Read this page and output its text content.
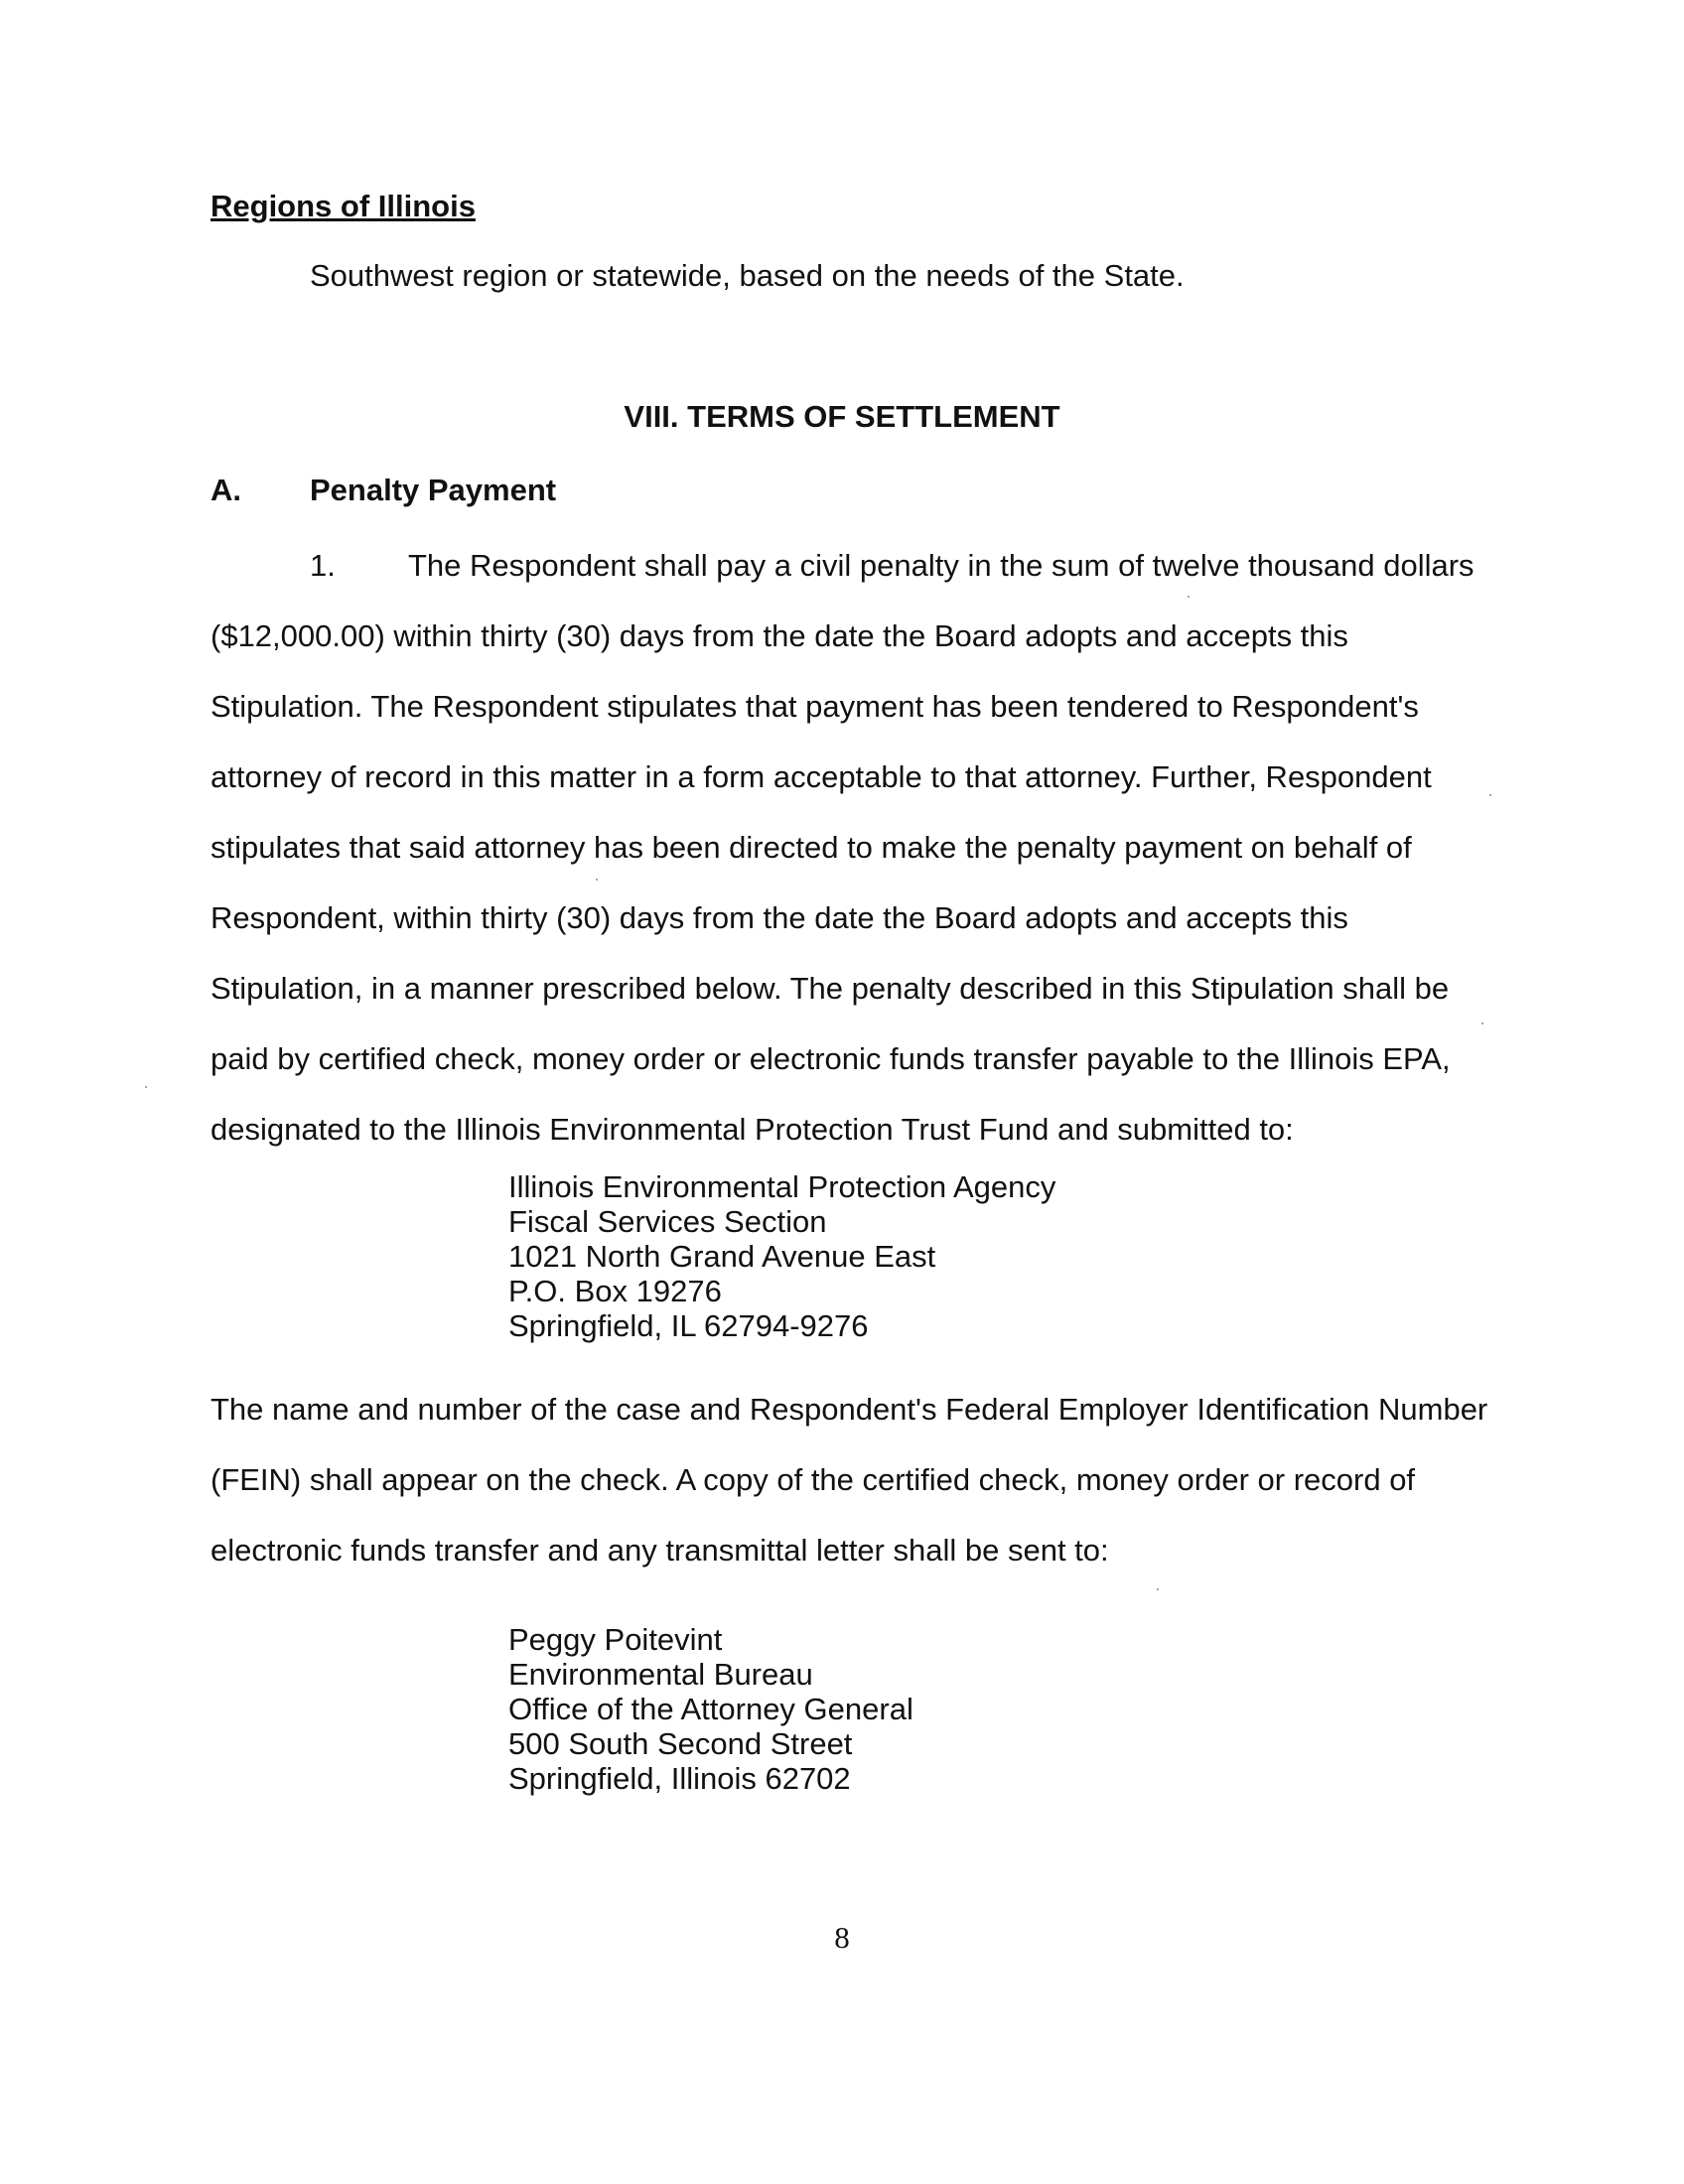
Regions of Illinois
Southwest region or statewide, based on the needs of the State.
VIII. TERMS OF SETTLEMENT
A. Penalty Payment
1. The Respondent shall pay a civil penalty in the sum of twelve thousand dollars ($12,000.00) within thirty (30) days from the date the Board adopts and accepts this Stipulation. The Respondent stipulates that payment has been tendered to Respondent's attorney of record in this matter in a form acceptable to that attorney. Further, Respondent stipulates that said attorney has been directed to make the penalty payment on behalf of Respondent, within thirty (30) days from the date the Board adopts and accepts this Stipulation, in a manner prescribed below. The penalty described in this Stipulation shall be paid by certified check, money order or electronic funds transfer payable to the Illinois EPA, designated to the Illinois Environmental Protection Trust Fund and submitted to:
Illinois Environmental Protection Agency
Fiscal Services Section
1021 North Grand Avenue East
P.O. Box 19276
Springfield, IL 62794-9276
The name and number of the case and Respondent's Federal Employer Identification Number (FEIN) shall appear on the check. A copy of the certified check, money order or record of electronic funds transfer and any transmittal letter shall be sent to:
Peggy Poitevint
Environmental Bureau
Office of the Attorney General
500 South Second Street
Springfield, Illinois 62702
8
